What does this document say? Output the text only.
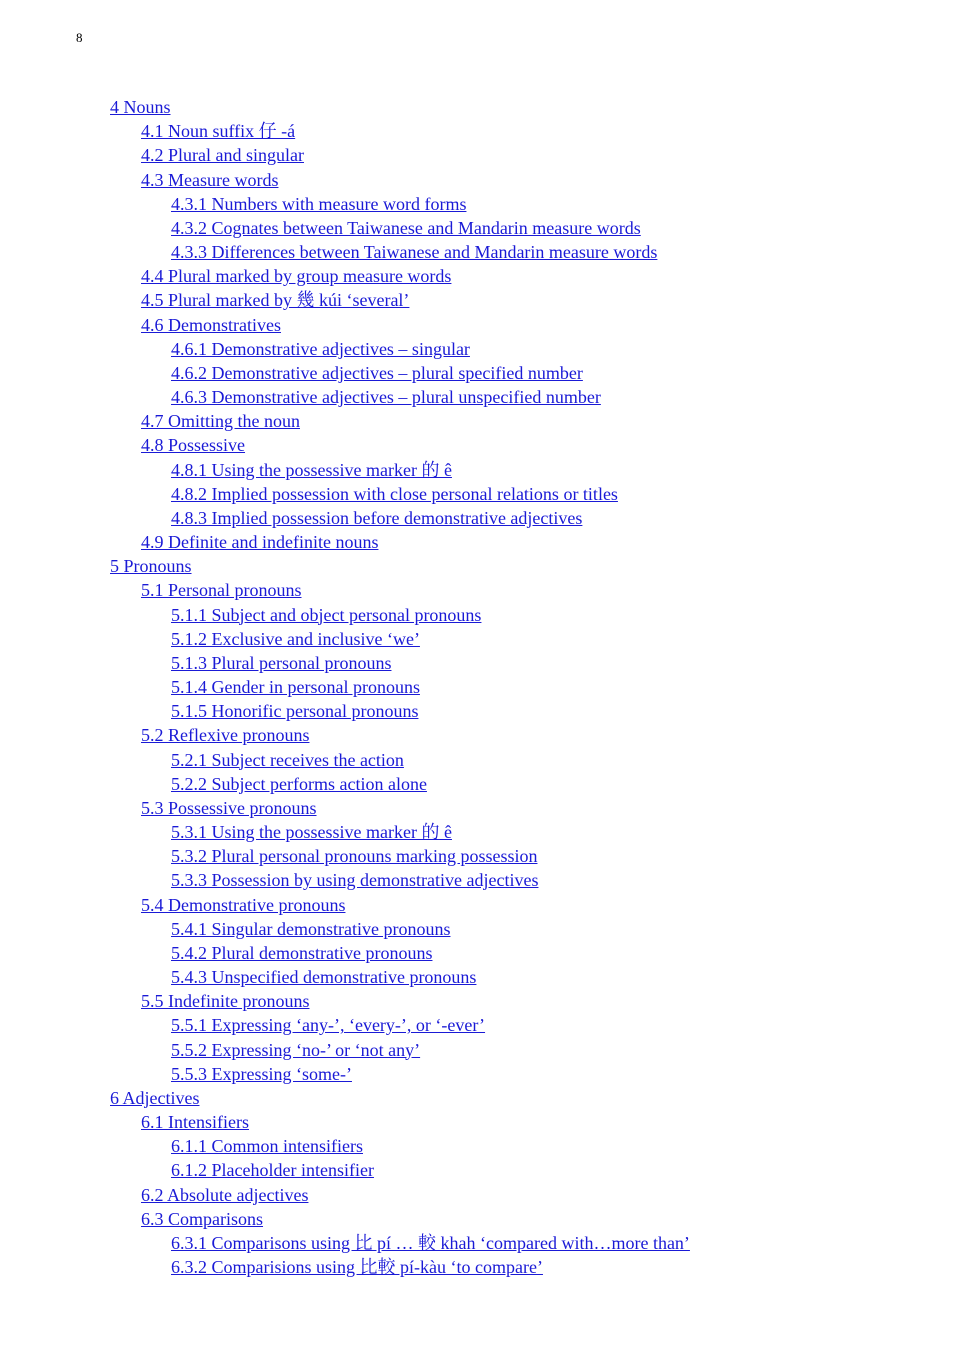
8
4 Nouns
4.1 Noun suffix 仔 -á
4.2 Plural and singular
4.3 Measure words
4.3.1 Numbers with measure word forms
4.3.2 Cognates between Taiwanese and Mandarin measure words
4.3.3 Differences between Taiwanese and Mandarin measure words
4.4 Plural marked by group measure words
4.5 Plural marked by 幾 kúi ‘several’
4.6 Demonstratives
4.6.1 Demonstrative adjectives – singular
4.6.2 Demonstrative adjectives – plural specified number
4.6.3 Demonstrative adjectives – plural unspecified number
4.7 Omitting the noun
4.8 Possessive
4.8.1 Using the possessive marker 的 ê
4.8.2 Implied possession with close personal relations or titles
4.8.3 Implied possession before demonstrative adjectives
4.9 Definite and indefinite nouns
5 Pronouns
5.1 Personal pronouns
5.1.1 Subject and object personal pronouns
5.1.2 Exclusive and inclusive ‘we’
5.1.3 Plural personal pronouns
5.1.4 Gender in personal pronouns
5.1.5 Honorific personal pronouns
5.2 Reflexive pronouns
5.2.1 Subject receives the action
5.2.2 Subject performs action alone
5.3 Possessive pronouns
5.3.1 Using the possessive marker 的 ê
5.3.2 Plural personal pronouns marking possession
5.3.3 Possession by using demonstrative adjectives
5.4 Demonstrative pronouns
5.4.1 Singular demonstrative pronouns
5.4.2 Plural demonstrative pronouns
5.4.3 Unspecified demonstrative pronouns
5.5 Indefinite pronouns
5.5.1 Expressing ‘any-’, ‘every-’, or ‘-ever’
5.5.2 Expressing ‘no-’ or ‘not any’
5.5.3 Expressing ‘some-’
6 Adjectives
6.1 Intensifiers
6.1.1 Common intensifiers
6.1.2 Placeholder intensifier
6.2 Absolute adjectives
6.3 Comparisons
6.3.1 Comparisons using 比 pí … 較 khah ‘compared with…more than’
6.3.2 Comparisions using 比較 pí-kàu ‘to compare’
